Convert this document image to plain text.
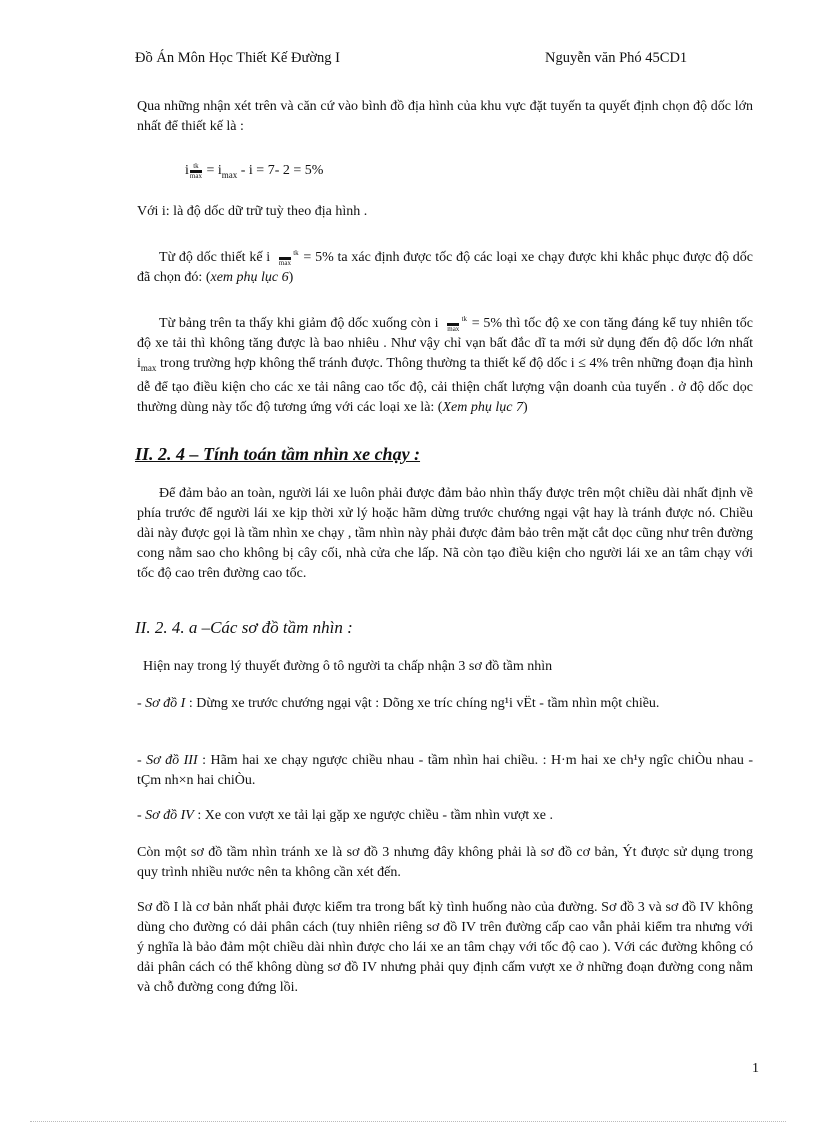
Đồ Án Môn Học Thiết Kế Đường I	Nguyễn văn Phó 45CD1
Qua những nhận xét trên và căn cứ vào bình đồ địa hình của khu vực đặt tuyến ta quyết định chọn độ dốc lớn nhất để thiết kế là :
$i\frac{tk}{\max} = i_{max} - i = 7-$ 2 = 5%
Với i: là độ dốc dữ trữ tuỳ theo địa hình .
Từ độ dốc thiết kế i	tk
max = 5% ta xác định được tốc độ các loại xe chạy được khi khắc phục được độ dốc đã chọn đó: (xem phụ lục 6)
Từ bảng trên ta thấy khi giảm độ dốc xuống còn i	tk
max = 5% thì tốc độ xe con tăng đáng kể tuy nhiên tốc độ xe tải thì không tăng được là bao nhiêu . Như vậy chỉ vạn bất đắc dĩ ta mới sử dụng đến độ dốc lớn nhất $i_{max}$ trong trường hợp không thể tránh được. Thông thường ta thiết kế độ dốc i ≤ 4% trên những đoạn địa hình dễ để tạo điều kiện cho các xe tải nâng cao tốc độ, cải thiện chất lượng vận doanh của tuyến . ở độ dốc dọc thường dùng này tốc độ tương ứng với các loại xe là: (Xem phụ lục 7)
II. 2. 4 – Tính toán tầm nhìn xe chạy :
Để đảm bảo an toàn, người lái xe luôn phải được đảm bảo nhìn thấy được trên một chiều dài nhất định về phía trước để người lái xe kịp thời xử lý hoặc hãm dừng trước chướng ngại vật hay là tránh được nó. Chiều dài này được gọi là tầm nhìn xe chạy , tầm nhìn này phải được đảm bảo trên mặt cắt dọc cũng như trên đường cong nằm sao cho không bị cây cối, nhà cửa che lấp. Nã còn tạo điều kiện cho người lái xe an tâm chạy với tốc độ cao trên đường cao tốc.
II. 2. 4. a –Các sơ đồ tầm nhìn :
Hiện nay trong lý thuyết đường ô tô người ta chấp nhận 3 sơ đồ tầm nhìn
- Sơ đồ I : Dừng xe trước chướng ngại vật : Dõng xe tríc chíng ng¹i vËt - tầm nhìn một chiều.
- Sơ đồ III : Hãm hai xe chạy ngược chiều nhau - tầm nhìn hai chiều. : H·m hai xe ch¹y ngîc chiÒu nhau - tÇm nh×n hai chiÒu.
- Sơ đồ IV : Xe con vượt xe tải lại gặp xe ngược chiều - tầm nhìn vượt xe .
Còn một sơ đồ tầm nhìn tránh xe là sơ đồ 3 nhưng đây không phải là sơ đồ cơ bản, Ýt được sử dụng trong quy trình nhiều nước nên ta không cần xét đến.
Sơ đồ I là cơ bản nhất phải được kiểm tra trong bất kỳ tình huống nào của đường. Sơ đồ 3 và sơ đồ IV không dùng cho đường có dải phân cách (tuy nhiên riêng sơ đồ IV trên đường cấp cao vẫn phải kiểm tra nhưng với ý nghĩa là bảo đảm một chiều dài nhìn được cho lái xe an tâm chạy với tốc độ cao ). Với các đường không có dải phân cách có thể không dùng sơ đồ IV nhưng phải quy định cấm vượt xe ở những đoạn đường cong nằm và chỗ đường cong đứng lồi.
1
